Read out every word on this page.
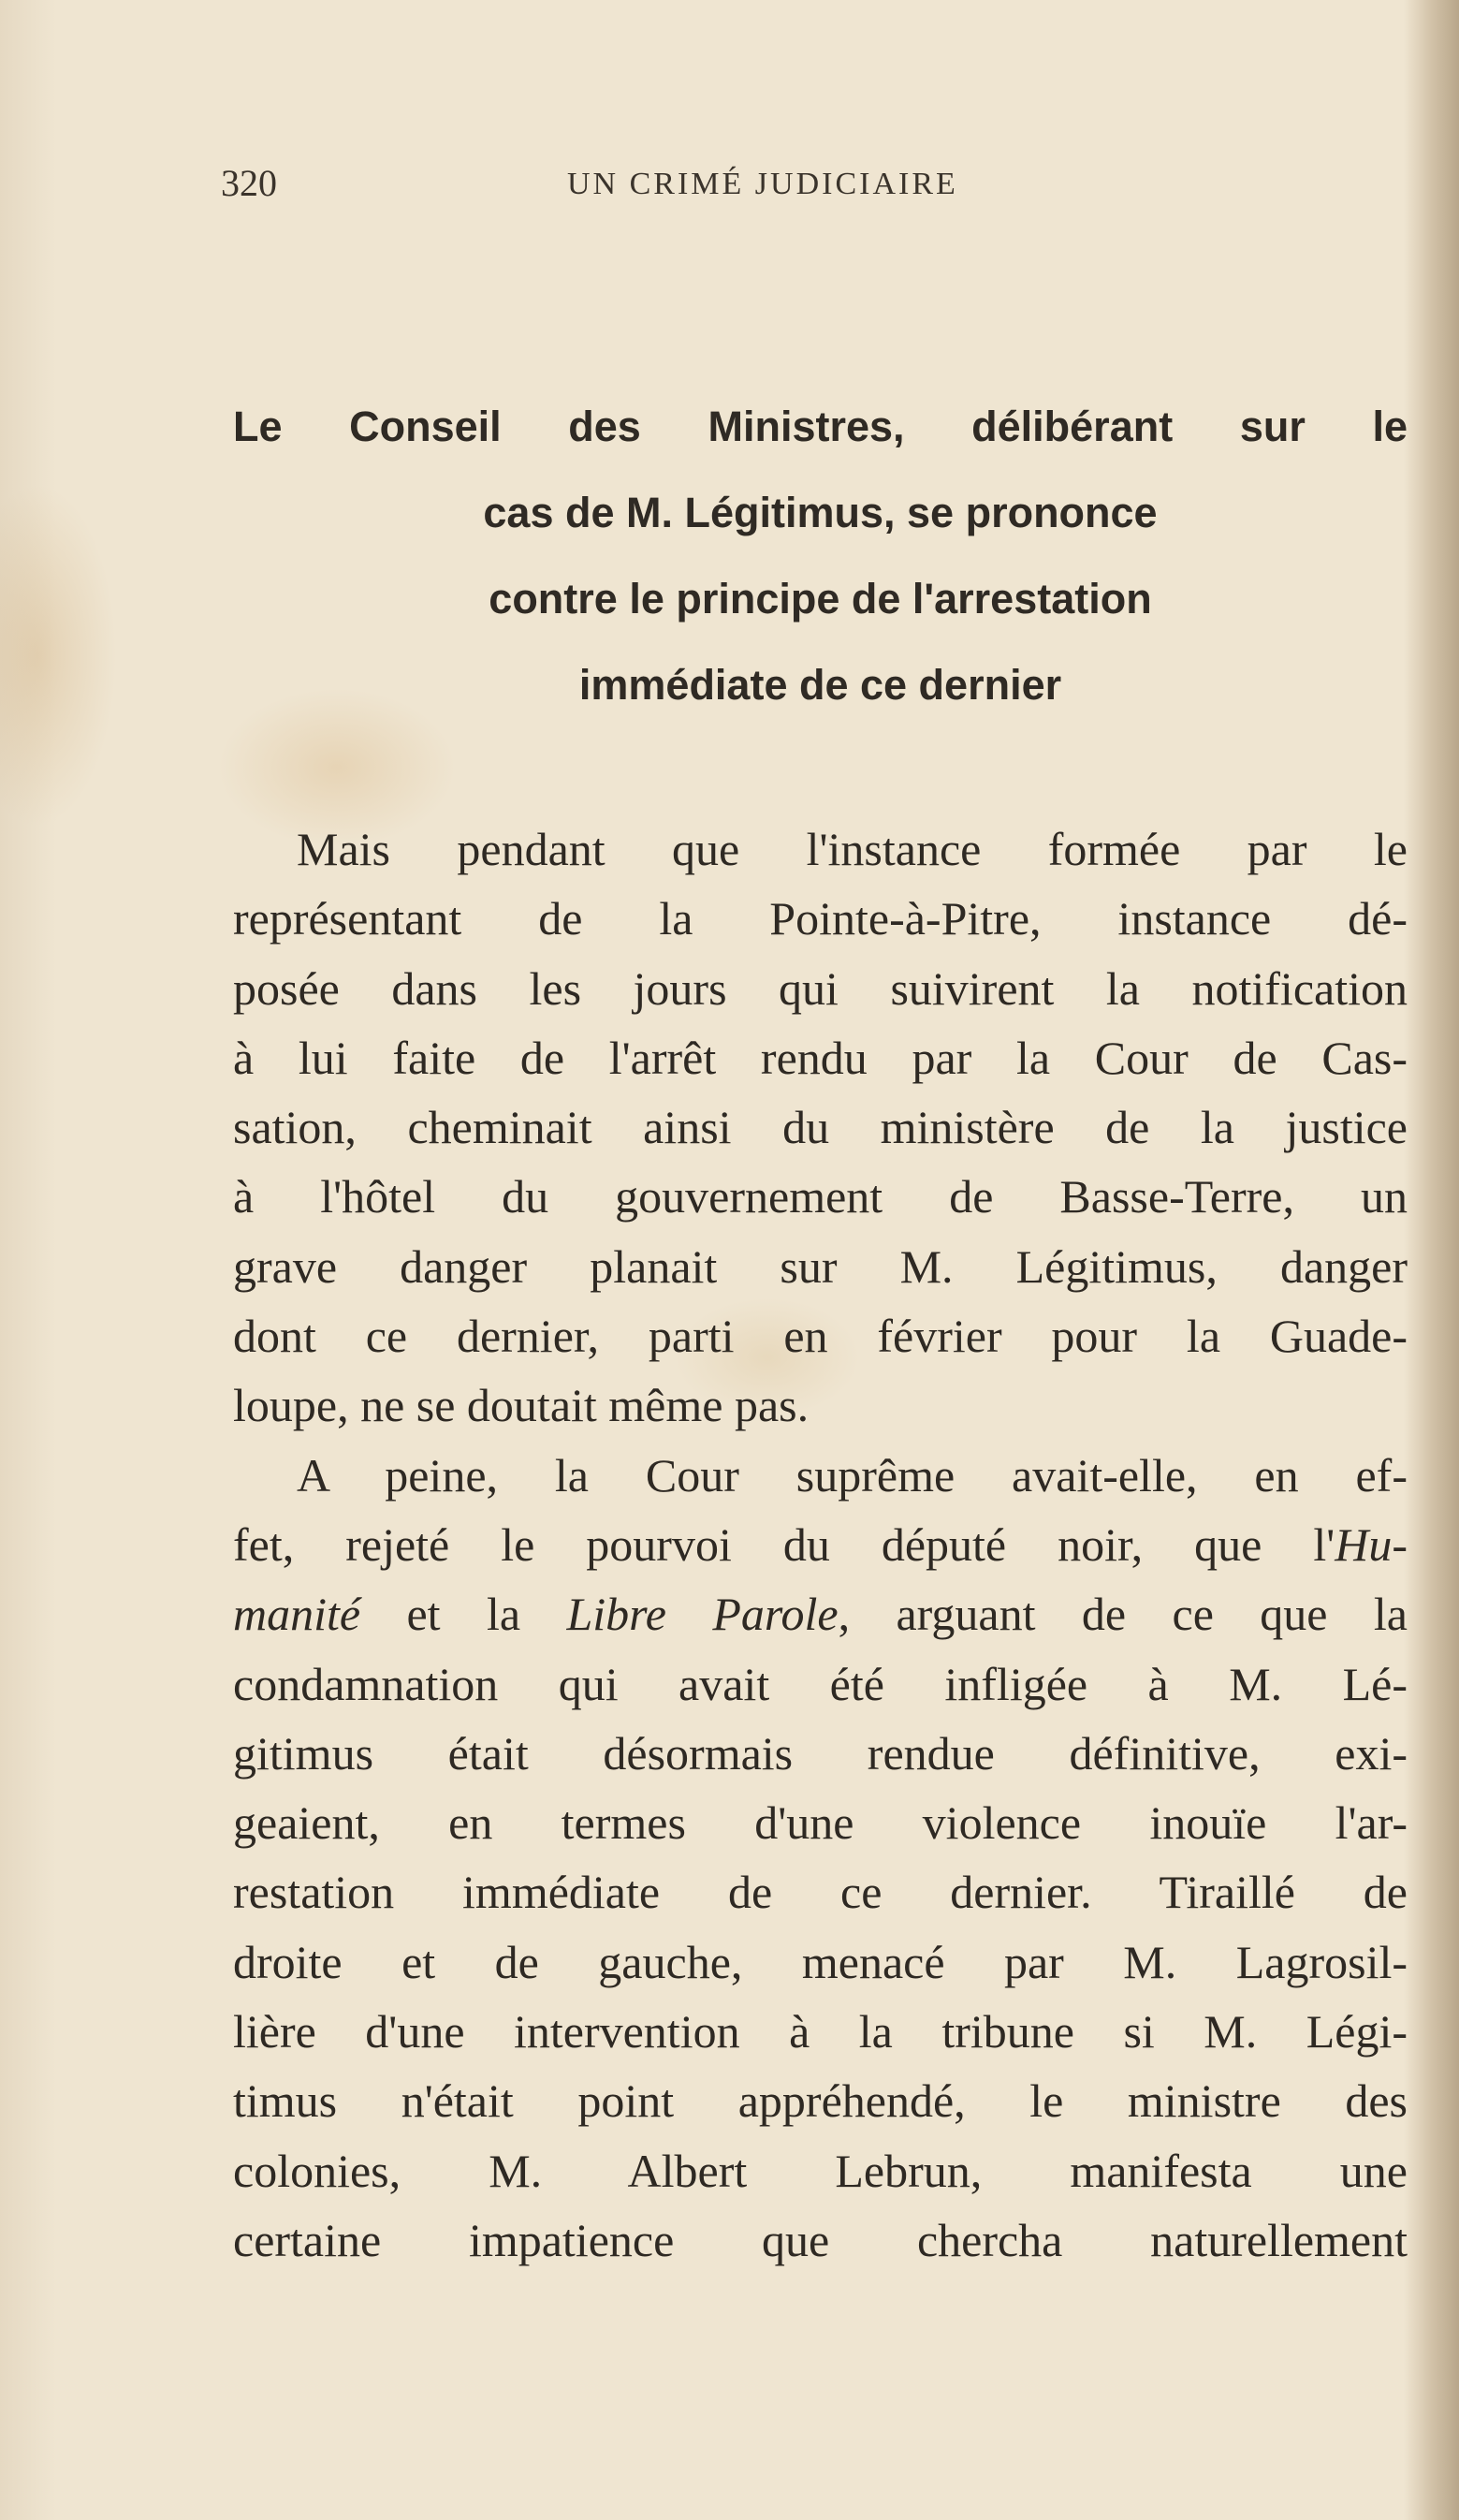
320	UN CRIMÉ JUDICIAIRE
Le Conseil des Ministres, délibérant sur le
cas de M. Légitimus, se prononce
contre le principe de l'arrestation
immédiate de ce dernier
Mais pendant que l'instance formée par le
représentant de la Pointe-à-Pitre, instance dé-
posée dans les jours qui suivirent la notification
à lui faite de l'arrêt rendu par la Cour de Cas-
sation, cheminait ainsi du ministère de la justice
à l'hôtel du gouvernement de Basse-Terre, un
grave danger planait sur M. Légitimus, danger
dont ce dernier, parti en février pour la Guade-
loupe, ne se doutait même pas.
A peine, la Cour suprême avait-elle, en ef-
fet, rejeté le pourvoi du député noir, que l'Hu-
manité et la Libre Parole, arguant de ce que la
condamnation qui avait été infligée à M. Lé-
gitimus était désormais rendue définitive, exi-
geaient, en termes d'une violence inouïe l'ar-
restation immédiate de ce dernier. Tiraillé de
droite et de gauche, menacé par M. Lagrosil-
lière d'une intervention à la tribune si M. Légi-
timus n'était point appréhendé, le ministre des
colonies, M. Albert Lebrun, manifesta une
certaine impatience que chercha naturellement
